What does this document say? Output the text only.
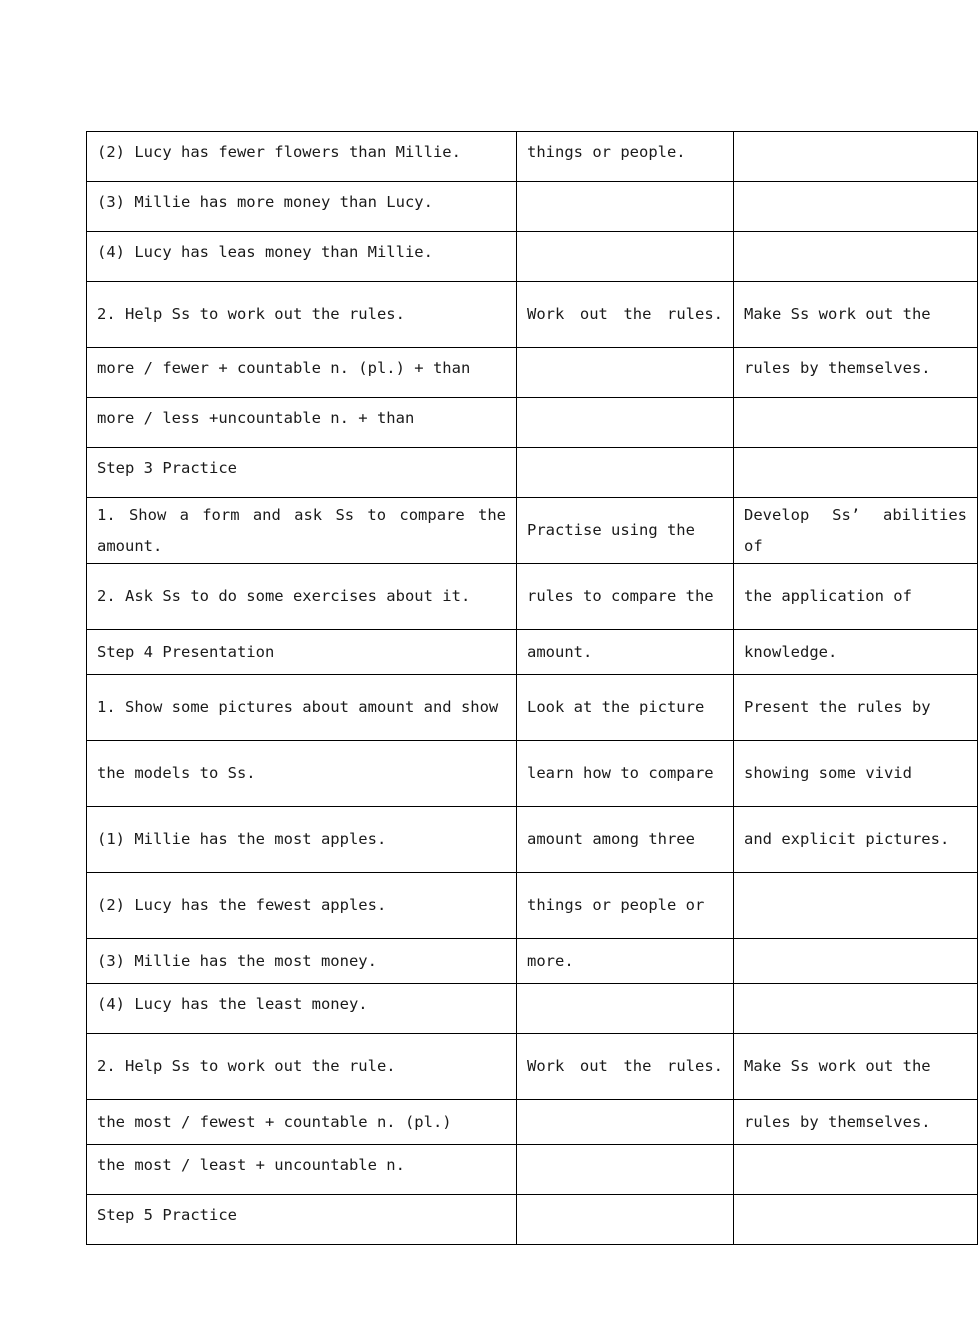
(2) Lucy has fewer flowers than Millie.	things or people.	
(3) Millie has more money than Lucy.		
(4) Lucy has leas money than Millie.		
2. Help Ss to work out the rules.	Work out the rules.	Make Ss work out the
more / fewer + countable n. (pl.) + than		rules by themselves.
more / less +uncountable n. + than		
Step 3 Practice		
1. Show a form and ask Ss to compare the amount.	Practise using the	Develop Ss’ abilities of
2. Ask Ss to do some exercises about it.	rules to compare the	the application of
Step 4 Presentation	amount.	knowledge.
1. Show some pictures about amount and show	Look at the picture	Present the rules by
the models to Ss.	learn how to compare	showing some vivid
(1) Millie has the most apples.	amount among three	and explicit pictures.
(2) Lucy has the fewest apples.	things or people or	
(3) Millie has the most money.	more.	
(4) Lucy has the least money.		
2. Help Ss to work out the rule.	Work out the rules.	Make Ss work out the
the most / fewest + countable n. (pl.)		rules by themselves.
the most / least + uncountable n.		
Step 5 Practice		
